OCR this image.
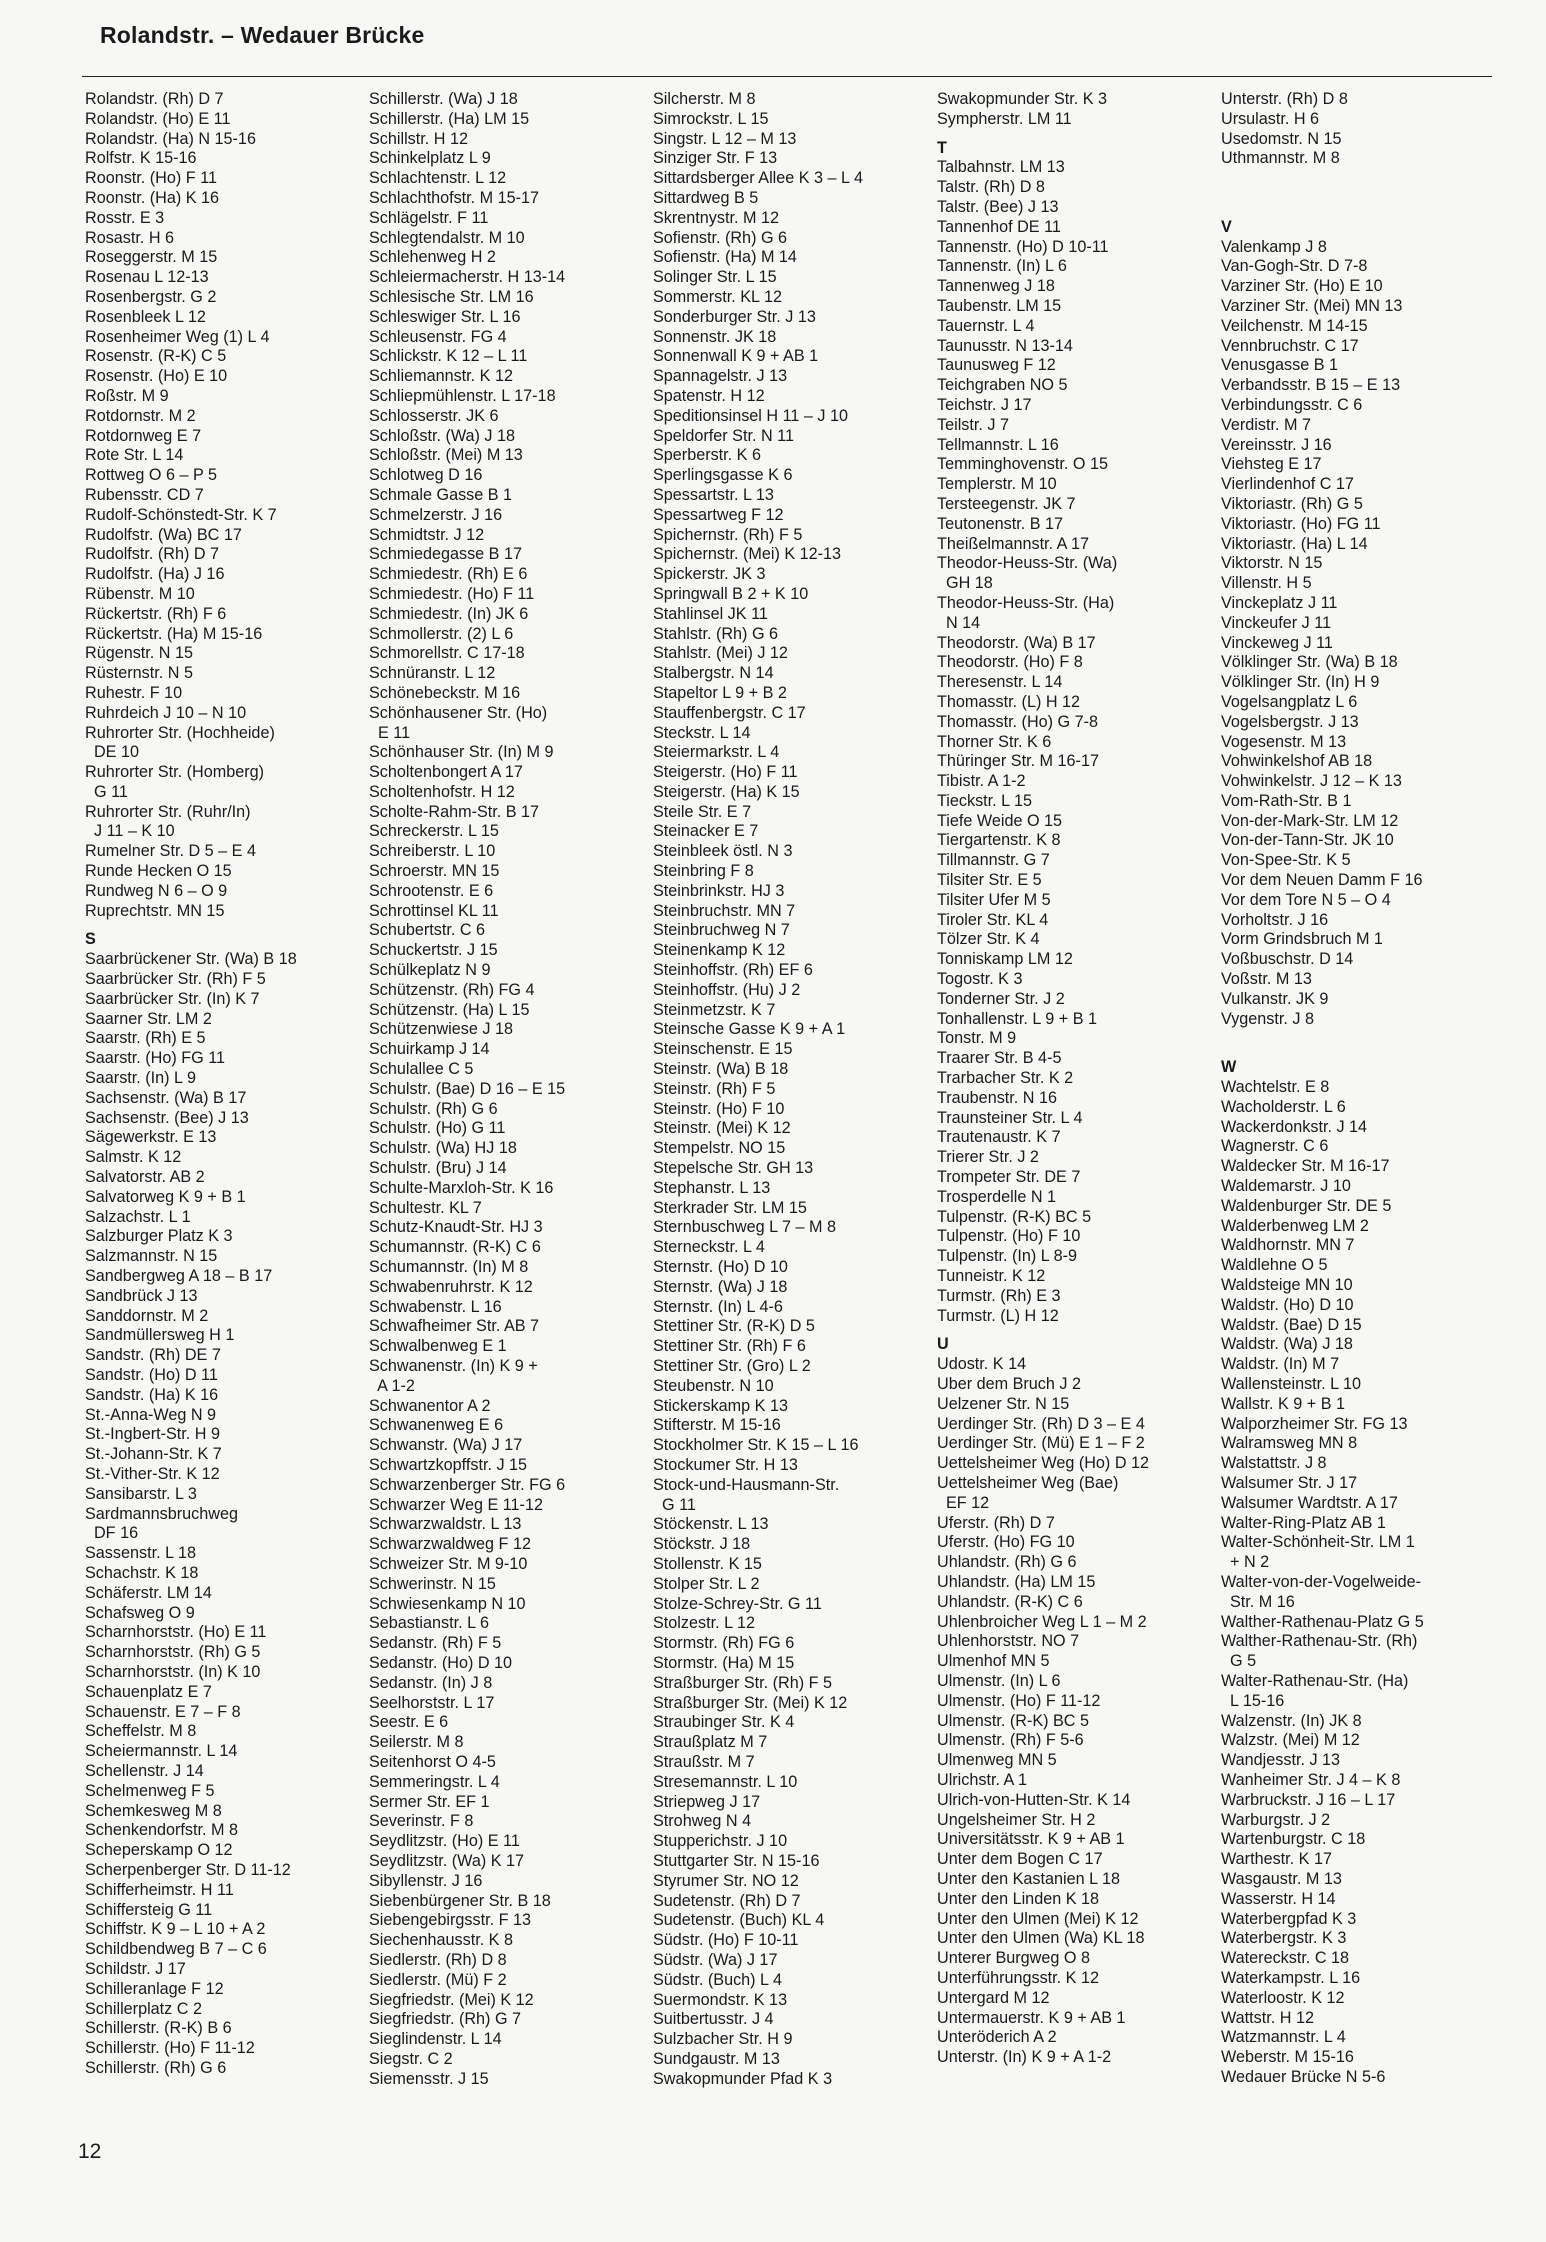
Rolandstr. – Wedauer Brücke
Rolandstr. (Rh) D 7
Rolandstr. (Ho) E 11
Rolandstr. (Ha) N 15-16
Rolfstr. K 15-16
Roonstr. (Ho) F 11
Roonstr. (Ha) K 16
Rosstr. E 3
Rosastr. H 6
Roseggerstr. M 15
Rosenau L 12-13
Rosenbergstr. G 2
Rosenbleek L 12
Rosenheimer Weg (1) L 4
Rosenstr. (R-K) C 5
Rosenstr. (Ho) E 10
Roßstr. M 9
Rotdornstr. M 2
Rotdornweg E 7
Rote Str. L 14
Rottweg O 6 – P 5
Rubensstr. CD 7
Rudolf-Schönstedt-Str. K 7
Rudolfstr. (Wa) BC 17
Rudolfstr. (Rh) D 7
Rudolfstr. (Ha) J 16
Rübenstr. M 10
Rückertstr. (Rh) F 6
Rückertstr. (Ha) M 15-16
Rügenstr. N 15
Rüsternstr. N 5
Ruhestr. F 10
Ruhrdeich J 10 – N 10
Ruhrorter Str. (Hochheide)
DE 10
Ruhrorter Str. (Homberg)
G 11
Ruhrorter Str. (Ruhr/In)
J 11 – K 10
Rumelner Str. D 5 – E 4
Runde Hecken O 15
Rundweg N 6 – O 9
Ruprechtstr. MN 15
S
Saarbrückener Str. (Wa) B 18
Saarbrücker Str. (Rh) F 5
Saarbrücker Str. (In) K 7
Saarner Str. LM 2
Saarstr. (Rh) E 5
Saarstr. (Ho) FG 11
Saarstr. (In) L 9
Sachsenstr. (Wa) B 17
Sachsenstr. (Bee) J 13
Sägewerkstr. E 13
Salmstr. K 12
Salvatorstr. AB 2
Salvatorweg K 9 + B 1
Salzachstr. L 1
Salzburger Platz K 3
Salzmannstr. N 15
Sandbergweg A 18 – B 17
Sandbrück J 13
Sanddornstr. M 2
Sandmüllersweg H 1
Sandstr. (Rh) DE 7
Sandstr. (Ho) D 11
Sandstr. (Ha) K 16
St.-Anna-Weg N 9
St.-Ingbert-Str. H 9
St.-Johann-Str. K 7
St.-Vither-Str. K 12
Sansibarstr. L 3
Sardmannsbruchweg
DF 16
Sassenstr. L 18
Schachstr. K 18
Schäferstr. LM 14
Schafsweg O 9
Scharnhorststr. (Ho) E 11
Scharnhorststr. (Rh) G 5
Scharnhorststr. (In) K 10
Schauenplatz E 7
Schauenstr. E 7 – F 8
Scheffelstr. M 8
Scheiermannstr. L 14
Schellenstr. J 14
Schelmenweg F 5
Schemkesweg M 8
Schenkendorfstr. M 8
Scheperskamp O 12
Scherpenberger Str. D 11-12
Schifferheimstr. H 11
Schiffersteig G 11
Schiffstr. K 9 – L 10 + A 2
Schildbendweg B 7 – C 6
Schildstr. J 17
Schilleranlage F 12
Schillerplatz C 2
Schillerstr. (R-K) B 6
Schillerstr. (Ho) F 11-12
Schillerstr. (Rh) G 6
Schillerstr. (Wa) J 18
Schillerstr. (Ha) LM 15
Schillstr. H 12
Schinkelplatz L 9
Schlachtenstr. L 12
Schlachthofstr. M 15-17
Schlägelstr. F 11
Schlegtendalstr. M 10
Schlehenweg H 2
Schleiermacherstr. H 13-14
Schlesische Str. LM 16
Schleswiger Str. L 16
Schleusenstr. FG 4
Schlickstr. K 12 – L 11
Schliemannstr. K 12
Schliepmühlenstr. L 17-18
Schlosserstr. JK 6
Schloßstr. (Wa) J 18
Schloßstr. (Mei) M 13
Schlotweg D 16
Schmale Gasse B 1
Schmelzerstr. J 16
Schmidtstr. J 12
Schmiedegasse B 17
Schmiedestr. (Rh) E 6
Schmiedestr. (Ho) F 11
Schmiedestr. (In) JK 6
Schmollerstr. (2) L 6
Schmorellstr. C 17-18
Schnüranstr. L 12
Schönebeckstr. M 16
Schönhausener Str. (Ho)
E 11
Schönhauser Str. (In) M 9
Scholtenbongert A 17
Scholtenhofstr. H 12
Scholte-Rahm-Str. B 17
Schreckerstr. L 15
Schreiberstr. L 10
Schroerstr. MN 15
Schrootenstr. E 6
Schrottinsel KL 11
Schubertstr. C 6
Schuckertstr. J 15
Schülkeplatz N 9
Schützenstr. (Rh) FG 4
Schützenstr. (Ha) L 15
Schützenwiese J 18
Schuirkamp J 14
Schulallee C 5
Schulstr. (Bae) D 16 – E 15
Schulstr. (Rh) G 6
Schulstr. (Ho) G 11
Schulstr. (Wa) HJ 18
Schulstr. (Bru) J 14
Schulte-Marxloh-Str. K 16
Schultestr. KL 7
Schutz-Knaudt-Str. HJ 3
Schumannstr. (R-K) C 6
Schumannstr. (In) M 8
Schwabenruhrstr. K 12
Schwabenstr. L 16
Schwafheimer Str. AB 7
Schwalbenweg E 1
Schwanenstr. (In) K 9 +
A 1-2
Schwanentor A 2
Schwanenweg E 6
Schwanstr. (Wa) J 17
Schwartzkopffstr. J 15
Schwarzenberger Str. FG 6
Schwarzer Weg E 11-12
Schwarzwaldstr. L 13
Schwarzwaldweg F 12
Schweizer Str. M 9-10
Schwerinstr. N 15
Schwiesenkamp N 10
Sebastianstr. L 6
Sedanstr. (Rh) F 5
Sedanstr. (Ho) D 10
Sedanstr. (In) J 8
Seelhorststr. L 17
Seestr. E 6
Seilerstr. M 8
Seitenhorst O 4-5
Semmeringstr. L 4
Sermer Str. EF 1
Severinstr. F 8
Seydlitzstr. (Ho) E 11
Seydlitzstr. (Wa) K 17
Sibyllenstr. J 16
Siebenbürgener Str. B 18
Siebengebirgsstr. F 13
Siechenhausstr. K 8
Siedlerstr. (Rh) D 8
Siedlerstr. (Mü) F 2
Siegfriedstr. (Mei) K 12
Siegfriedstr. (Rh) G 7
Sieglindenstr. L 14
Siegstr. C 2
Siemensstr. J 15
Silcherstr. M 8
Simrockstr. L 15
Singstr. L 12 – M 13
Sinziger Str. F 13
Sittardsberger Allee K 3 – L 4
Sittardweg B 5
Skrentnystr. M 12
Sofienstr. (Rh) G 6
Sofienstr. (Ha) M 14
Solinger Str. L 15
Sommerstr. KL 12
Sonderburger Str. J 13
Sonnenstr. JK 18
Sonnenwall K 9 + AB 1
Spannagelstr. J 13
Spatenstr. H 12
Speditionsinsel H 11 – J 10
Speldorfer Str. N 11
Sperberstr. K 6
Sperlingsgasse K 6
Spessartstr. L 13
Spessartweg F 12
Spichernstr. (Rh) F 5
Spichernstr. (Mei) K 12-13
Spickerstr. JK 3
Springwall B 2 + K 10
Stahlinsel JK 11
Stahlstr. (Rh) G 6
Stahlstr. (Mei) J 12
Stalbergstr. N 14
Stapeltor L 9 + B 2
Stauffenbergstr. C 17
Steckstr. L 14
Steiermarkstr. L 4
Steigerstr. (Ho) F 11
Steigerstr. (Ha) K 15
Steile Str. E 7
Steinacker E 7
Steinbleek östl. N 3
Steinbring F 8
Steinbrinkstr. HJ 3
Steinbruchstr. MN 7
Steinbruchweg N 7
Steinenkamp K 12
Steinhoffstr. (Rh) EF 6
Steinhoffstr. (Hu) J 2
Steinmetzstr. K 7
Steinsche Gasse K 9 + A 1
Steinschenstr. E 15
Steinstr. (Wa) B 18
Steinstr. (Rh) F 5
Steinstr. (Ho) F 10
Steinstr. (Mei) K 12
Stempelstr. NO 15
Stepelsche Str. GH 13
Stephanstr. L 13
Sterkrader Str. LM 15
Sternbuschweg L 7 – M 8
Sterneckstr. L 4
Sternstr. (Ho) D 10
Sternstr. (Wa) J 18
Sternstr. (In) L 4-6
Stettiner Str. (R-K) D 5
Stettiner Str. (Rh) F 6
Stettiner Str. (Gro) L 2
Steubenstr. N 10
Stickerskamp K 13
Stifterstr. M 15-16
Stockholmer Str. K 15 – L 16
Stockumer Str. H 13
Stock-und-Hausmann-Str.
G 11
Stöckenstr. L 13
Stöckstr. J 18
Stollenstr. K 15
Stolper Str. L 2
Stolze-Schrey-Str. G 11
Stolzestr. L 12
Stormstr. (Rh) FG 6
Stormstr. (Ha) M 15
Straßburger Str. (Rh) F 5
Straßburger Str. (Mei) K 12
Straubinger Str. K 4
Straußplatz M 7
Straußstr. M 7
Stresemannstr. L 10
Striepweg J 17
Strohweg N 4
Stupperichstr. J 10
Stuttgarter Str. N 15-16
Styrumer Str. NO 12
Sudetenstr. (Rh) D 7
Sudetenstr. (Buch) KL 4
Südstr. (Ho) F 10-11
Südstr. (Wa) J 17
Südstr. (Buch) L 4
Suermondstr. K 13
Suitbertusstr. J 4
Sulzbacher Str. H 9
Sundgaustr. M 13
Swakopmunder Pfad K 3
Swakopmunder Str. K 3
Sympherstr. LM 11
T
Talbahnstr. LM 13
Talstr. (Rh) D 8
Talstr. (Bee) J 13
Tannenhof DE 11
Tannenstr. (Ho) D 10-11
Tannenstr. (In) L 6
Tannenweg J 18
Taubenstr. LM 15
Tauernstr. L 4
Taunusstr. N 13-14
Taunusweg F 12
Teichgraben NO 5
Teichstr. J 17
Teilstr. J 7
Tellmannstr. L 16
Temminghovenstr. O 15
Templerstr. M 10
Tersteegenstr. JK 7
Teutonenstr. B 17
Theißelmannstr. A 17
Theodor-Heuss-Str. (Wa)
GH 18
Theodor-Heuss-Str. (Ha)
N 14
Theodorstr. (Wa) B 17
Theodorstr. (Ho) F 8
Theresenstr. L 14
Thomasstr. (L) H 12
Thomasstr. (Ho) G 7-8
Thorner Str. K 6
Thüringer Str. M 16-17
Tibistr. A 1-2
Tieckstr. L 15
Tiefe Weide O 15
Tiergartenstr. K 8
Tillmannstr. G 7
Tilsiter Str. E 5
Tilsiter Ufer M 5
Tiroler Str. KL 4
Tölzer Str. K 4
Tonniskamp LM 12
Togostr. K 3
Tonderner Str. J 2
Tonhallenstr. L 9 + B 1
Tonstr. M 9
Traarer Str. B 4-5
Trarbacher Str. K 2
Traubenstr. N 16
Traunsteiner Str. L 4
Trautenaustr. K 7
Trierer Str. J 2
Trompeter Str. DE 7
Trosperdelle N 1
Tulpenstr. (R-K) BC 5
Tulpenstr. (Ho) F 10
Tulpenstr. (In) L 8-9
Tunneistr. K 12
Turmstr. (Rh) E 3
Turmstr. (L) H 12
U
Udostr. K 14
Uber dem Bruch J 2
Uelzener Str. N 15
Uerdinger Str. (Rh) D 3 – E 4
Uerdinger Str. (Mü) E 1 – F 2
Uettelsheimer Weg (Ho) D 12
Uettelsheimer Weg (Bae)
EF 12
Uferstr. (Rh) D 7
Uferstr. (Ho) FG 10
Uhlandstr. (Rh) G 6
Uhlandstr. (Ha) LM 15
Uhlandstr. (R-K) C 6
Uhlenbroicher Weg L 1 – M 2
Uhlenhorststr. NO 7
Ulmenhof MN 5
Ulmenstr. (In) L 6
Ulmenstr. (Ho) F 11-12
Ulmenstr. (R-K) BC 5
Ulmenstr. (Rh) F 5-6
Ulmenweg MN 5
Ulrichstr. A 1
Ulrich-von-Hutten-Str. K 14
Ungelsheimer Str. H 2
Universitätsstr. K 9 + AB 1
Unter dem Bogen C 17
Unter den Kastanien L 18
Unter den Linden K 18
Unter den Ulmen (Mei) K 12
Unter den Ulmen (Wa) KL 18
Unterer Burgweg O 8
Unterführungsstr. K 12
Untergard M 12
Untermauerstr. K 9 + AB 1
Unteröderich A 2
Unterstr. (In) K 9 + A 1-2
Unterstr. (Rh) D 8
Ursulastr. H 6
Usedomstr. N 15
Uthmannstr. M 8
V
Valenkamp J 8
Van-Gogh-Str. D 7-8
Varziner Str. (Ho) E 10
Varziner Str. (Mei) MN 13
Veilchenstr. M 14-15
Vennbruchstr. C 17
Venusgasse B 1
Verbandsstr. B 15 – E 13
Verbindungsstr. C 6
Verdistr. M 7
Vereinsstr. J 16
Viehsteg E 17
Vierlindenhof C 17
Viktoriastr. (Rh) G 5
Viktoriastr. (Ho) FG 11
Viktoriastr. (Ha) L 14
Viktorstr. N 15
Villenstr. H 5
Vinckeplatz J 11
Vinckeufer J 11
Vinckeweg J 11
Völklinger Str. (Wa) B 18
Völklinger Str. (In) H 9
Vogelsangplatz L 6
Vogelsbergstr. J 13
Vogesenstr. M 13
Vohwinkelshof AB 18
Vohwinkelstr. J 12 – K 13
Vom-Rath-Str. B 1
Von-der-Mark-Str. LM 12
Von-der-Tann-Str. JK 10
Von-Spee-Str. K 5
Vor dem Neuen Damm F 16
Vor dem Tore N 5 – O 4
Vorholtstr. J 16
Vorm Grindsbruch M 1
Voßbuschstr. D 14
Voßstr. M 13
Vulkanstr. JK 9
Vygenstr. J 8
W
Wachtelstr. E 8
Wacholderstr. L 6
Wackerdonkstr. J 14
Wagnerstr. C 6
Waldecker Str. M 16-17
Waldemarstr. J 10
Waldenburger Str. DE 5
Walderbenweg LM 2
Waldhornstr. MN 7
Waldlehne O 5
Waldsteige MN 10
Waldstr. (Ho) D 10
Waldstr. (Bae) D 15
Waldstr. (Wa) J 18
Waldstr. (In) M 7
Wallensteinstr. L 10
Wallstr. K 9 + B 1
Walporzheimer Str. FG 13
Walramsweg MN 8
Walstattstr. J 8
Walsumer Str. J 17
Walsumer Wardtstr. A 17
Walter-Ring-Platz AB 1
Walter-Schönheit-Str. LM 1
+ N 2
Walter-von-der-Vogelweide-
Str. M 16
Walther-Rathenau-Platz G 5
Walther-Rathenau-Str. (Rh)
G 5
Walter-Rathenau-Str. (Ha)
L 15-16
Walzenstr. (In) JK 8
Walzstr. (Mei) M 12
Wandjesstr. J 13
Wanheimer Str. J 4 – K 8
Warbruckstr. J 16 – L 17
Warburgstr. J 2
Wartenburgstr. C 18
Warthestr. K 17
Wasgaustr. M 13
Wasserstr. H 14
Waterbergpfad K 3
Waterbergstr. K 3
Watereckstr. C 18
Waterkampstr. L 16
Waterloostr. K 12
Wattstr. H 12
Watzmannstr. L 4
Weberstr. M 15-16
Wedauer Brücke N 5-6
12
